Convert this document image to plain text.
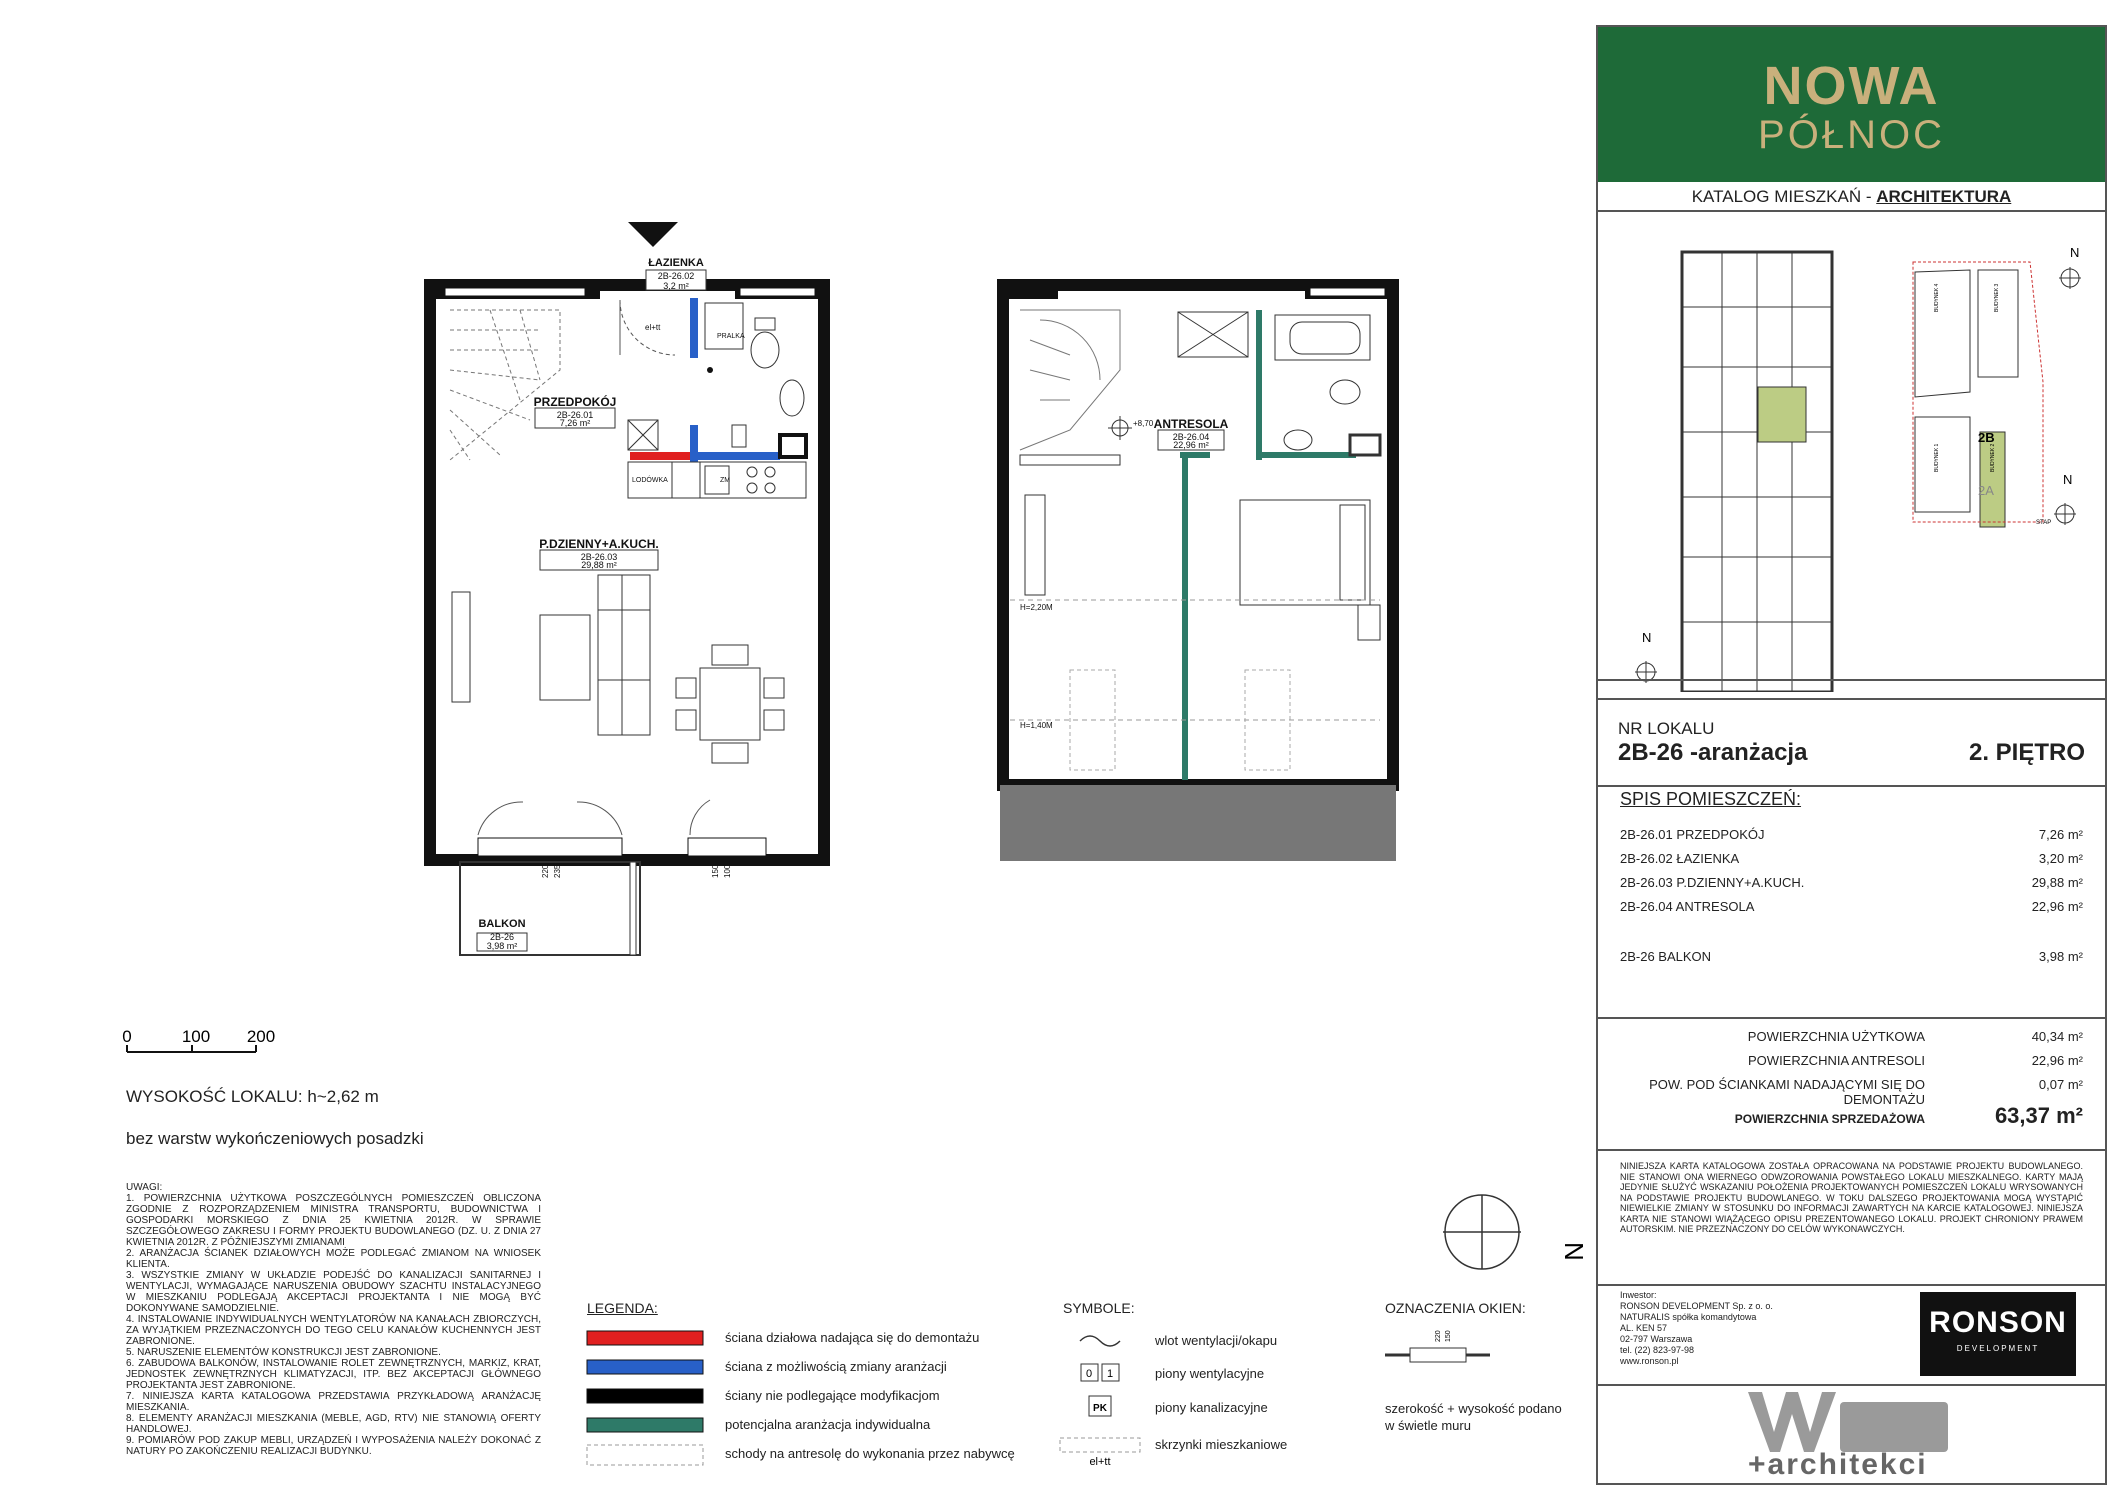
ŁAZIENKA
2B-26.02
3,2 m²
PRZEDPOKÓJ
2B-26.01
7,26 m²
P.DZIENNY+A.KUCH.
2B-26.03
29,88 m²
ANTRESOLA
2B-26.04
22,96 m²
BALKON
2B-26
3,98 m²
PRALKA
LODÓWKA	ZM
el+tt
+8,70
H=2,20M
H=1,40M
220 235	150 100
0	100 200
N
0 1
PK
el+tt
220 150
WYSOKOŚĆ LOKALU: h~2,62 m
bez warstw wykończeniowych posadzki
UWAGI:
1. POWIERZCHNIA UŻYTKOWA POSZCZEGÓLNYCH POMIESZCZEŃ OBLICZONA ZGODNIE Z ROZPORZĄDZENIEM MINISTRA TRANSPORTU, BUDOWNICTWA I GOSPODARKI MORSKIEGO Z DNIA 25 KWIETNIA 2012R. W SPRAWIE SZCZEGÓŁOWEGO ZAKRESU I FORMY PROJEKTU BUDOWLANEGO (DZ. U. Z DNIA 27 KWIETNIA 2012R. Z PÓŹNIEJSZYMI ZMIANAMI
2. ARANŻACJA ŚCIANEK DZIAŁOWYCH MOŻE PODLEGAĆ ZMIANOM NA WNIOSEK KLIENTA.
3. WSZYSTKIE ZMIANY W UKŁADZIE PODEJŚĆ DO KANALIZACJI SANITARNEJ I WENTYLACJI, WYMAGAJĄCE NARUSZENIA OBUDOWY SZACHTU INSTALACYJNEGO W MIESZKANIU PODLEGAJĄ AKCEPTACJI PROJEKTANTA I NIE MOGĄ BYĆ DOKONYWANE SAMODZIELNIE.
4. INSTALOWANIE INDYWIDUALNYCH WENTYLATORÓW NA KANAŁACH ZBIORCZYCH, ZA WYJĄTKIEM PRZEZNACZONYCH DO TEGO CELU KANAŁÓW KUCHENNYCH JEST ZABRONIONE.
5. NARUSZENIE ELEMENTÓW KONSTRUKCJI JEST ZABRONIONE.
6. ZABUDOWA BALKONÓW, INSTALOWANIE ROLET ZEWNĘTRZNYCH, MARKIZ, KRAT, JEDNOSTEK ZEWNĘTRZNYCH KLIMATYZACJI, ITP. BEZ AKCEPTACJI GŁÓWNEGO PROJEKTANTA JEST ZABRONIONE.
7. NINIEJSZA KARTA KATALOGOWA PRZEDSTAWIA PRZYKŁADOWĄ ARANŻACJĘ MIESZKANIA.
8. ELEMENTY ARANŻACJI MIESZKANIA (MEBLE, AGD, RTV) NIE STANOWIĄ OFERTY HANDLOWEJ.
9. POMIARÓW POD ZAKUP MEBLI, URZĄDZEŃ I WYPOSAŻENIA NALEŻY DOKONAĆ Z NATURY PO ZAKOŃCZENIU REALIZACJI BUDYNKU.
LEGENDA:
ściana działowa nadająca się do demontażu
ściana z możliwością zmiany aranżacji
ściany nie podlegające modyfikacjom
potencjalna aranżacja indywidualna
schody na antresolę do wykonania przez nabywcę
SYMBOLE:
wlot wentylacji/okapu
piony wentylacyjne
piony kanalizacyjne
skrzynki mieszkaniowe
OZNACZENIA OKIEN:
szerokość + wysokość podano w świetle muru
NOWA
PÓŁNOC
KATALOG MIESZKAŃ - ARCHITEKTURA
2B
2A
STAP
BUDYNEK 4	BUDYNEK 3
BUDYNEK 1	BUDYNEK 2
N
N
N
NR LOKALU
2B-26 -aranżacja	2. PIĘTRO
SPIS POMIESZCZEŃ:
2B-26.01 PRZEDPOKÓJ	7,26 m²
2B-26.02 ŁAZIENKA	3,20 m²
2B-26.03 P.DZIENNY+A.KUCH.	29,88 m²
2B-26.04 ANTRESOLA	22,96 m²
2B-26 BALKON	3,98 m²
POWIERZCHNIA UŻYTKOWA	40,34 m²
POWIERZCHNIA ANTRESOLI	22,96 m²
POW. POD ŚCIANKAMI NADAJĄCYMI SIĘ DO DEMONTAŻU
0,07 m²
POWIERZCHNIA SPRZEDAŻOWA	63,37 m²
NINIEJSZA KARTA KATALOGOWA ZOSTAŁA OPRACOWANA NA PODSTAWIE PROJEKTU BUDOWLANEGO. NIE STANOWI ONA WIERNEGO ODWZOROWANIA POWSTAŁEGO LOKALU MIESZKALNEGO. KARTY MAJĄ JEDYNIE SŁUŻYĆ WSKAZANIU POŁOŻENIA PROJEKTOWANYCH POMIESZCZEŃ LOKALU WRYSOWANYCH NA PODSTAWIE PROJEKTU BUDOWLANEGO. W TOKU DALSZEGO PROJEKTOWANIA MOGĄ WYSTĄPIĆ NIEWIELKIE ZMIANY W STOSUNKU DO INFORMACJI ZAWARTYCH NA KARCIE KATALOGOWEJ. NINIEJSZA KARTA NIE STANOWI WIĄŻĄCEGO OPISU PREZENTOWANEGO LOKALU. PROJEKT CHRONIONY PRAWEM AUTORSKIM. NIE PRZEZNACZONY DO CELÓW WYKONAWCZYCH.
Inwestor:
RONSON DEVELOPMENT Sp. z o. o.
NATURALIS spółka komandytowa
AL. KEN 57
02-797 Warszawa
tel. (22) 823-97-98
www.ronson.pl
RONSON
DEVELOPMENT
+architekci
